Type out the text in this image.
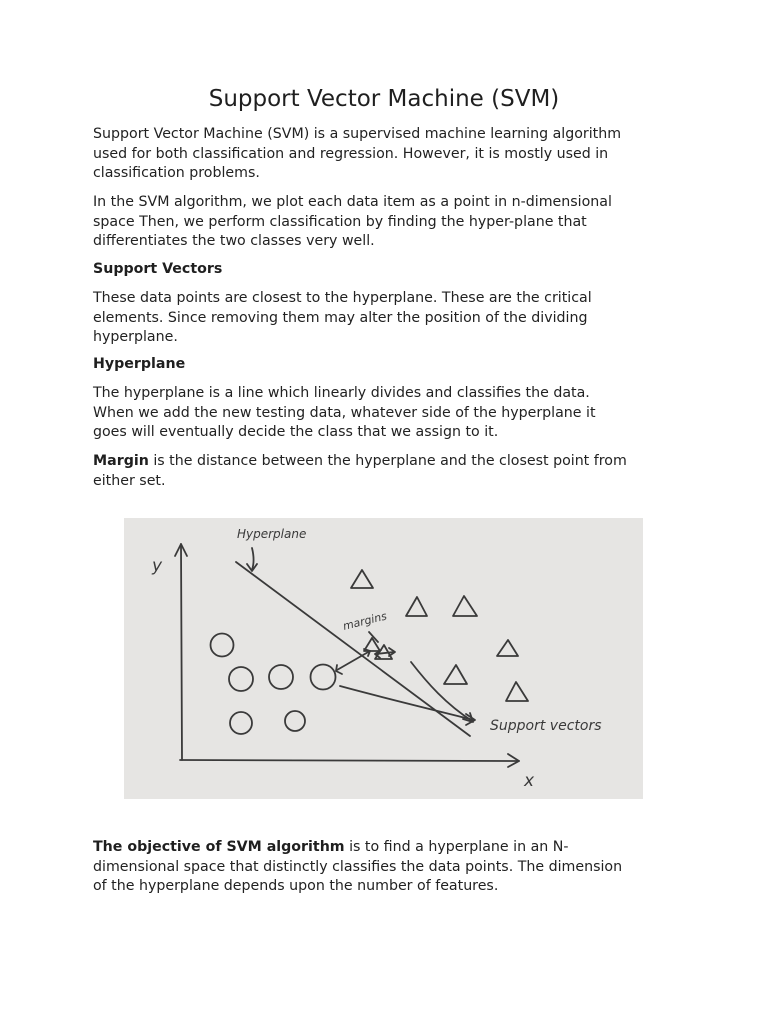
Support Vector Machine (SVM)
Support Vector Machine (SVM) is a supervised machine learning algorithm
used for both classification and regression. However, it is mostly used in
classification problems.
In the SVM algorithm, we plot each data item as a point in n-dimensional
space Then, we perform classification by finding the hyper-plane that
differentiates the two classes very well.
Support Vectors
These data points are closest to the hyperplane. These are the critical
elements. Since removing them may alter the position of the dividing
hyperplane.
Hyperplane
The hyperplane is a line which linearly divides and classifies the data.
When we add the new testing data, whatever side of the hyperplane it
goes will eventually decide the class that we assign to it.
Margin is the distance between the hyperplane and the closest point from
either set.
Hyperplane
y
x
margins
Support vectors
The objective of SVM algorithm is to find a hyperplane in an N-
dimensional space that distinctly classifies the data points. The dimension
of the hyperplane depends upon the number of features.
